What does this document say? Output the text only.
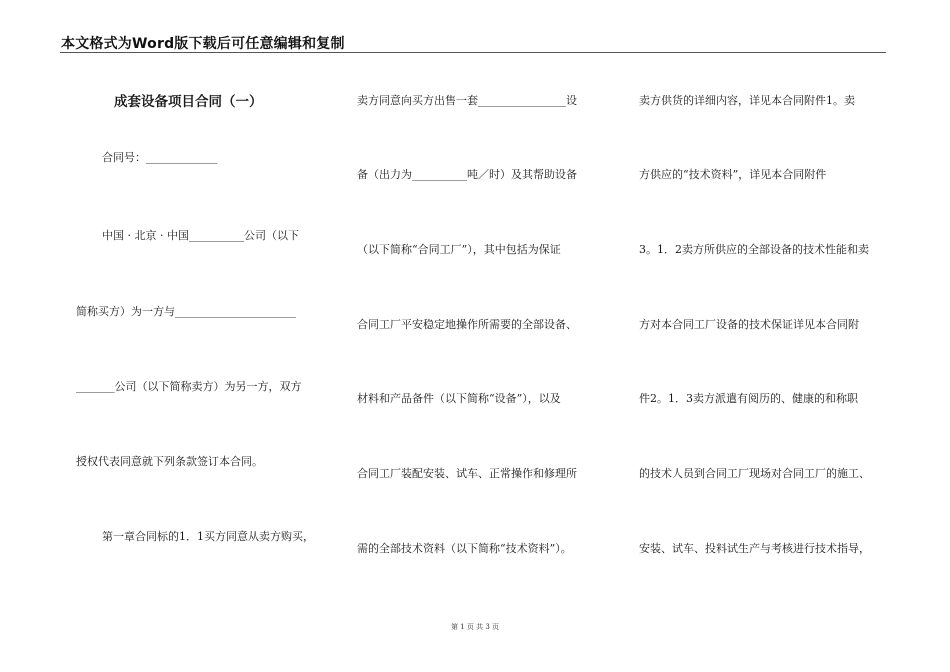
本文格式为Word版下载后可任意编辑和复制
成套设备项目合同（一）
合同号：_____________
中国 · 北京 · 中国__________公司（以下
简称买方）为一方与______________________
_______公司（以下简称卖方）为另一方，双方
授权代表同意就下列条款签订本合同。
第一章合同标的1．1买方同意从卖方购买，
卖方同意向买方出售一套________________设
备（出力为__________吨／时）及其帮助设备
（以下简称“合同工厂”），其中包括为保证
合同工厂平安稳定地操作所需要的全部设备、
材料和产品备件（以下简称“设备”），以及
合同工厂装配安装、试车、正常操作和修理所
需的全部技术资料（以下简称“技术资料”）。
卖方供货的详细内容，详见本合同附件1。卖
方供应的“技术资料”，详见本合同附件
3。1．2卖方所供应的全部设备的技术性能和卖
方对本合同工厂设备的技术保证详见本合同附
件2。1．3卖方派遣有阅历的、健康的和称职
的技术人员到合同工厂现场对合同工厂的施工、
安装、试车、投料试生产与考核进行技术指导，
第 1 页 共 3 页
